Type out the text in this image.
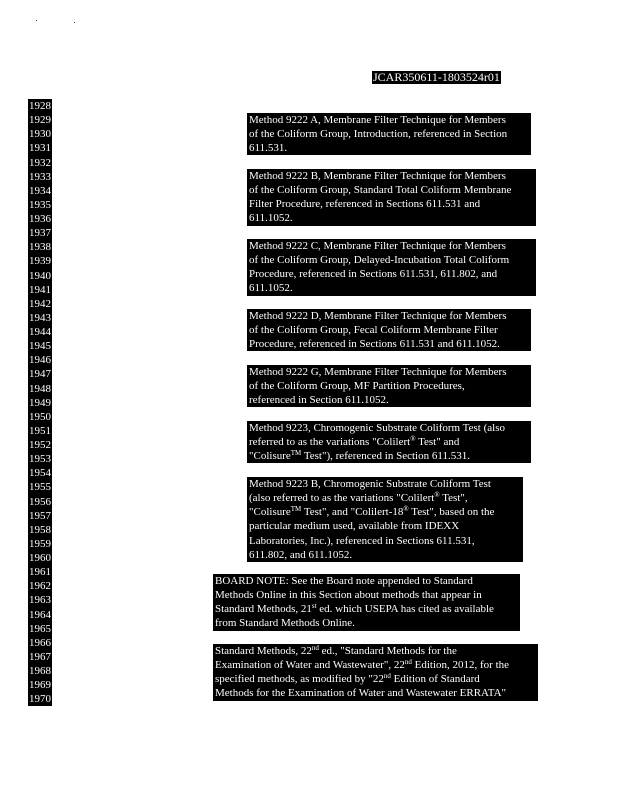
JCAR350611-1803524r01
1928
1929
1930
1931
1932
1933
1934
1935
1936
1937
1938
1939
1940
1941
1942
1943
1944
1945
1946
1947
1948
1949
1950
1951
1952
1953
1954
1955
1956
1957
1958
1959
1960
1961
1962
1963
1964
1965
1966
1967
1968
1969
1970
Method 9222 A, Membrane Filter Technique for Members
of the Coliform Group, Introduction, referenced in Section
611.531.
Method 9222 B, Membrane Filter Technique for Members
of the Coliform Group, Standard Total Coliform Membrane
Filter Procedure, referenced in Sections 611.531 and
611.1052.
Method 9222 C, Membrane Filter Technique for Members
of the Coliform Group, Delayed-Incubation Total Coliform
Procedure, referenced in Sections 611.531, 611.802, and
611.1052.
Method 9222 D, Membrane Filter Technique for Members
of the Coliform Group, Fecal Coliform Membrane Filter
Procedure, referenced in Sections 611.531 and 611.1052.
Method 9222 G, Membrane Filter Technique for Members
of the Coliform Group, MF Partition Procedures,
referenced in Section 611.1052.
Method 9223, Chromogenic Substrate Coliform Test (also
referred to as the variations "Colilert® Test" and
"Colisure™ Test"), referenced in Section 611.531.
Method 9223 B, Chromogenic Substrate Coliform Test
(also referred to as the variations "Colilert® Test",
"Colisure™ Test", and "Colilert-18® Test", based on the
particular medium used, available from IDEXX
Laboratories, Inc.), referenced in Sections 611.531,
611.802, and 611.1052.
BOARD NOTE: See the Board note appended to Standard
Methods Online in this Section about methods that appear in
Standard Methods, 21st ed. which USEPA has cited as available
from Standard Methods Online.
Standard Methods, 22nd ed., "Standard Methods for the
Examination of Water and Wastewater", 22nd Edition, 2012, for the
specified methods, as modified by "22nd Edition of Standard
Methods for the Examination of Water and Wastewater ERRATA"
